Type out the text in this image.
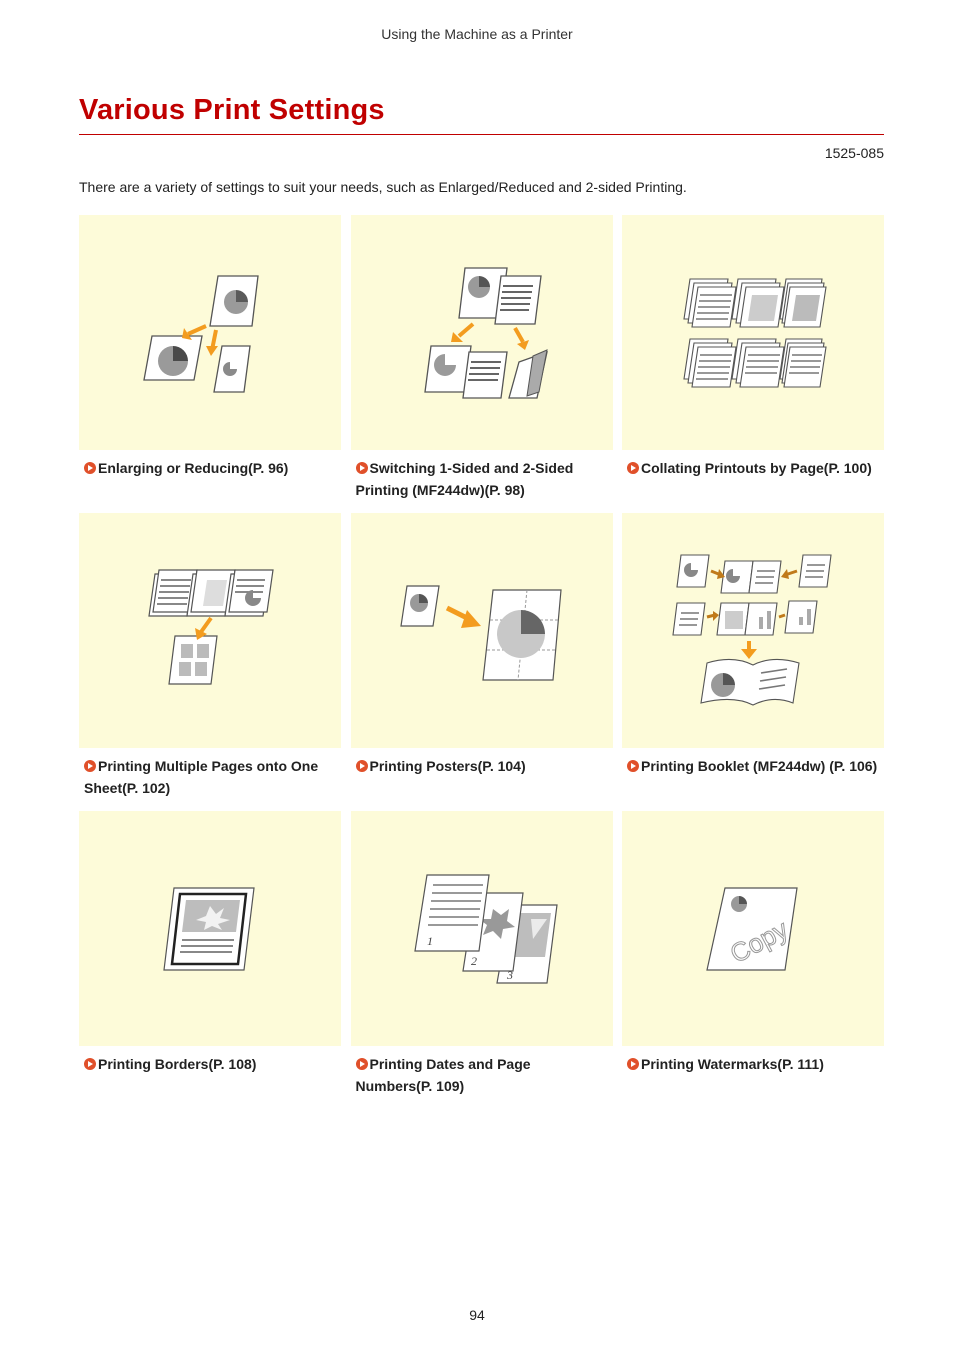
Using the Machine as a Printer
Various Print Settings
1525-085
There are a variety of settings to suit your needs, such as Enlarged/Reduced and 2-sided Printing.
Enlarging or Reducing(P. 96)	Switching 1-Sided and 2-Sided Printing (MF244dw)(P. 98)
Collating Printouts by Page(P. 100)
Printing Multiple Pages onto One Sheet(P. 102)
Printing Posters(P. 104)	Printing Booklet (MF244dw) (P. 106)
Printing Borders(P. 108)
1
2
3
Printing Dates and Page Numbers(P. 109)
Copy
Printing Watermarks(P. 111)
94
